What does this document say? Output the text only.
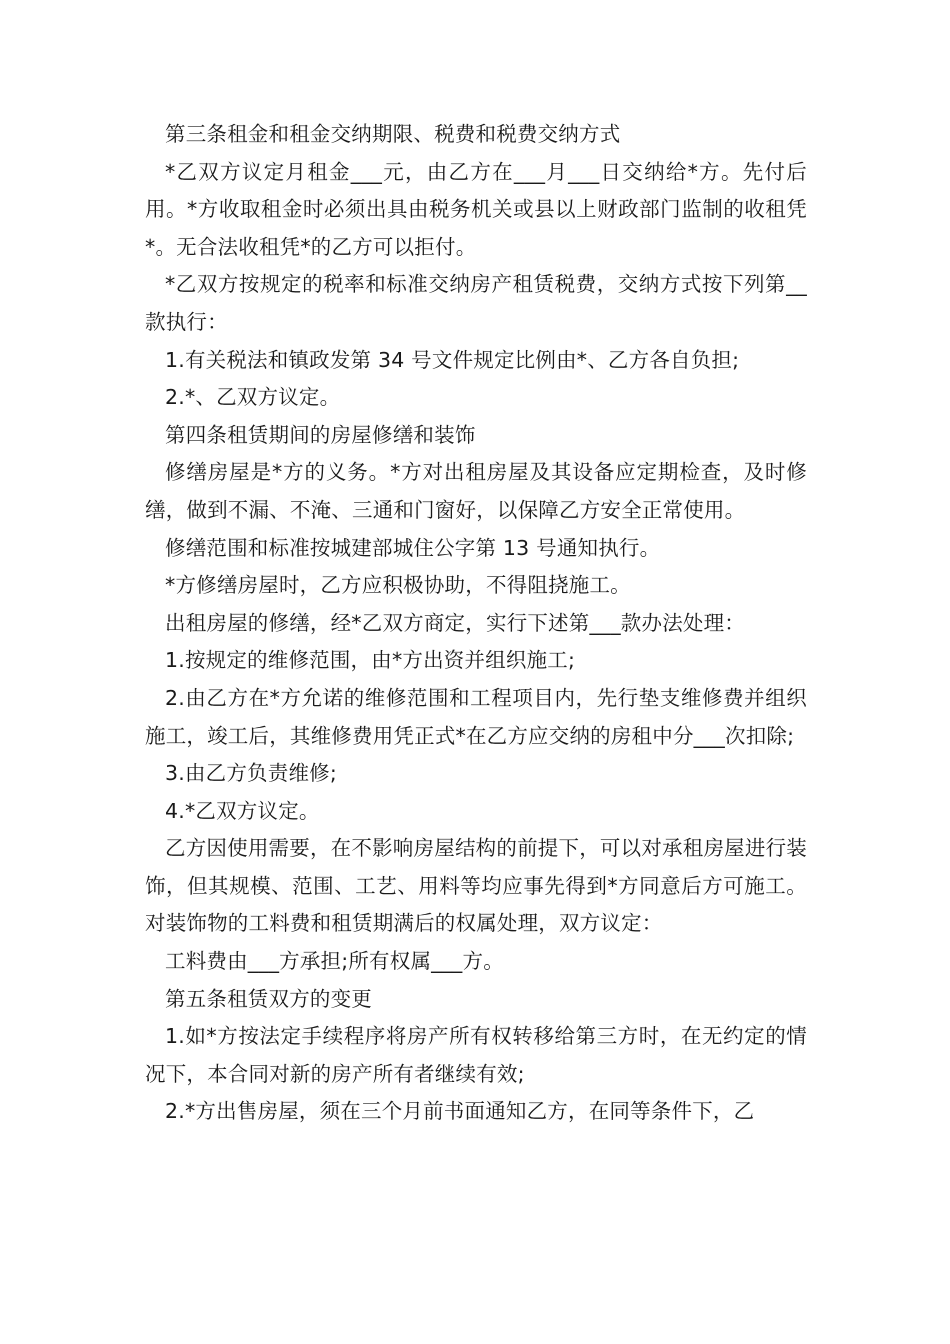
第三条租金和租金交纳期限、税费和税费交纳方式

*乙双方议定月租金___元，由乙方在___月___日交纳给*方。先付后用。*方收取租金时必须出具由税务机关或县以上财政部门监制的收租凭*。无合法收租凭*的乙方可以拒付。

*乙双方按规定的税率和标准交纳房产租赁税费，交纳方式按下列第__款执行：

1.有关税法和镇政发第 34 号文件规定比例由*、乙方各自负担;

2.*、乙双方议定。

第四条租赁期间的房屋修缮和装饰

修缮房屋是*方的义务。*方对出租房屋及其设备应定期检查，及时修缮，做到不漏、不淹、三通和门窗好，以保障乙方安全正常使用。

修缮范围和标准按城建部城住公字第 13 号通知执行。

*方修缮房屋时，乙方应积极协助，不得阻挠施工。

出租房屋的修缮，经*乙双方商定，实行下述第___款办法处理：

1.按规定的维修范围，由*方出资并组织施工;

2.由乙方在*方允诺的维修范围和工程项目内，先行垫支维修费并组织施工，竣工后，其维修费用凭正式*在乙方应交纳的房租中分___次扣除;

3.由乙方负责维修;

4.*乙双方议定。

乙方因使用需要，在不影响房屋结构的前提下，可以对承租房屋进行装饰，但其规模、范围、工艺、用料等均应事先得到*方同意后方可施工。对装饰物的工料费和租赁期满后的权属处理，双方议定：

工料费由___方承担;所有权属___方。

第五条租赁双方的变更

1.如*方按法定手续程序将房产所有权转移给第三方时，在无约定的情况下，本合同对新的房产所有者继续有效;

2.*方出售房屋，须在三个月前书面通知乙方，在同等条件下，乙
